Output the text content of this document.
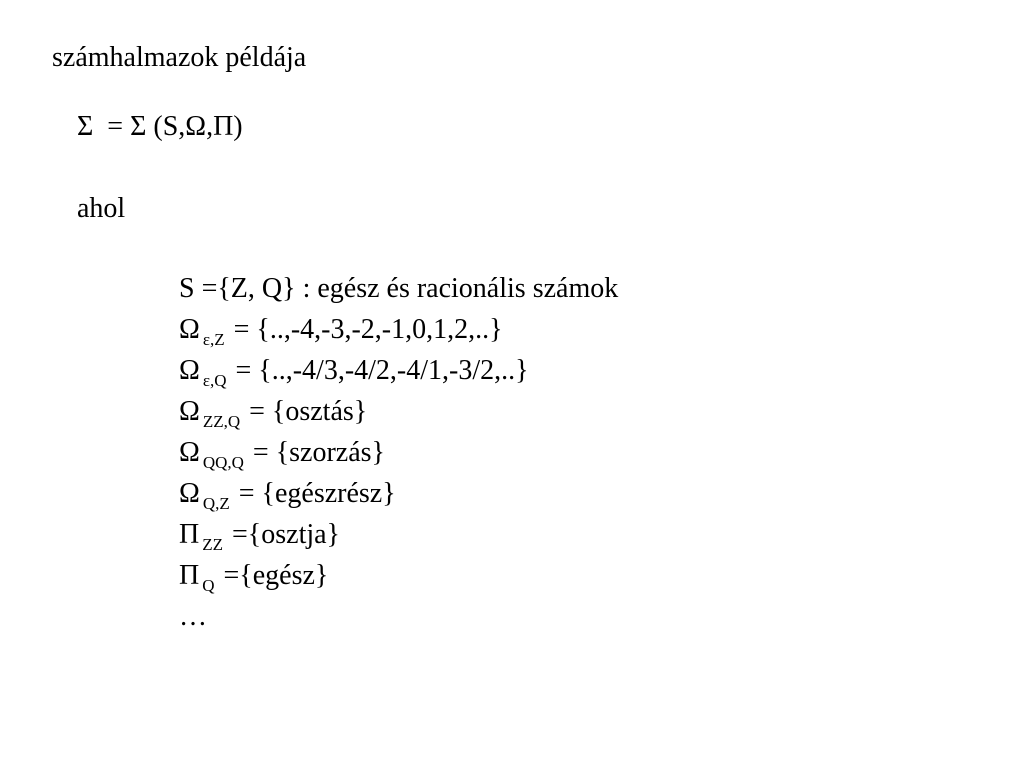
számhalmazok példája
Σ = Σ (S,Ω,Π)
ahol
S ={Z, Q} : egész és racionális számok
Ω $_{\varepsilon,Z}$ = {..,-4,-3,-2,-1,0,1,2,..}
Ω $_{\varepsilon,Q}$ = {..,-4/3,-4/2,-4/1,-3/2,..}
Ω $_{ZZ,Q}$ = {osztás}
Ω $_{QQ,Q}$ = {szorzás}
Ω $_{Q,Z}$ = {egészrész}
Π $_{ZZ}$ ={osztja}
Π $_Q$ ={egész}
…
